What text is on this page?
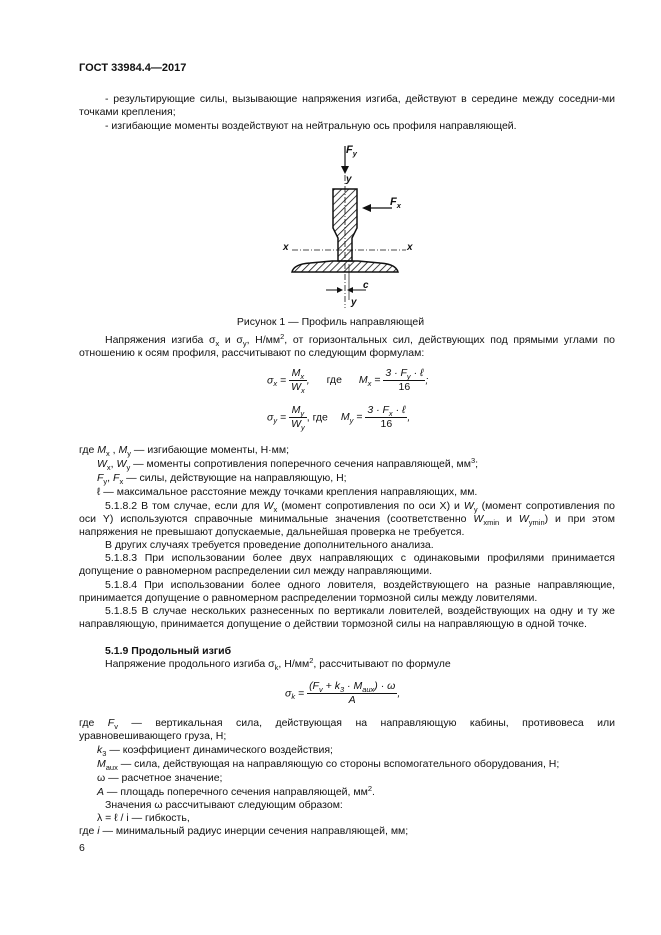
ГОСТ 33984.4—2017
- результирующие силы, вызывающие напряжения изгиба, действуют в середине между соседни-ми точками крепления;
- изгибающие моменты воздействуют на нейтральную ось профиля направляющей.
$F_y$
y
$F_x$
x	x
c
y
Рисунок 1 — Профиль направляющей
Напряжения изгиба $\sigma_x$ и $\sigma_y$, $Н/мм^2$, от горизонтальных сил, действующих под прямыми углами по отношению к осям профиля, рассчитывают по следующим формулам:
$\sigma_x = \frac{M_x}{W_x}$ , где $M_x = \frac{3 \cdot F_y \cdot \ell}{16}$ ;
$\sigma_y = \frac{M_y}{W_y}$ , где $M_y = \frac{3 \cdot F_x \cdot \ell}{16}$ ,
где $M_x$ , $M_y$ — изгибающие моменты, Н·мм;
$W_x$, $W_y$ — моменты сопротивления поперечного сечения направляющей, $мм^3$;
$F_y$, $F_x$ — силы, действующие на направляющую, Н;
ℓ — максимальное расстояние между точками крепления направляющих, мм.
5.1.8.2 В том случае, если для $W_x$ (момент сопротивления по оси X) и $W_y$ (момент сопротивления по оси Y) используются справочные минимальные значения (соответственно $W_{xmin}$ и $W_{ymin}$) и при этом напряжения не превышают допускаемые, дальнейшая проверка не требуется.
В других случаях требуется проведение дополнительного анализа.
5.1.8.3 При использовании более двух направляющих с одинаковыми профилями принимается допущение о равномерном распределении сил между направляющими.
5.1.8.4 При использовании более одного ловителя, воздействующего на разные направляющие, принимается допущение о равномерном распределении тормозной силы между ловителями.
5.1.8.5 В случае нескольких разнесенных по вертикали ловителей, воздействующих на одну и ту же направляющую, принимается допущение о действии тормозной силы на направляющую в одной точке.
5.1.9 Продольный изгиб
Напряжение продольного изгиба $\sigma_k$, $Н/мм^2$, рассчитывают по формуле
$\sigma_k = \frac{(F_v + k_3 \cdot M_{aux}) \cdot \omega}{A}$ ,
где $F_v$ — вертикальная сила, действующая на направляющую кабины, противовеса или уравновешивающего груза, Н;
$k_3$ — коэффициент динамического воздействия;
$M_{aux}$ — сила, действующая на направляющую со стороны вспомогательного оборудования, Н;
ω — расчетное значение;
A — площадь поперечного сечения направляющей, $мм^2$.
Значения ω рассчитывают следующим образом:
λ = ℓ / i — гибкость,
где i — минимальный радиус инерции сечения направляющей, мм;
6
